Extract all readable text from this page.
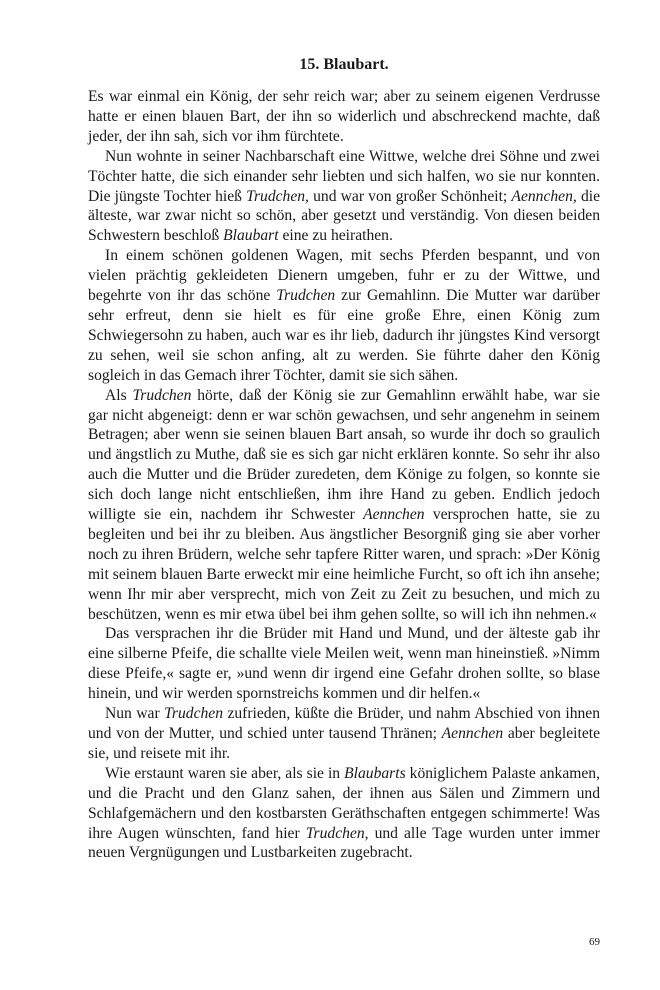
15. Blaubart.

Es war einmal ein König, der sehr reich war; aber zu seinem eigenen Verdrusse hatte er einen blauen Bart, der ihn so widerlich und abschreckend machte, daß jeder, der ihn sah, sich vor ihm fürchtete.

Nun wohnte in seiner Nachbarschaft eine Wittwe, welche drei Söhne und zwei Töchter hatte, die sich einander sehr liebten und sich halfen, wo sie nur konnten. Die jüngste Tochter hieß Trudchen, und war von großer Schönheit; Aennchen, die älteste, war zwar nicht so schön, aber gesetzt und verständig. Von diesen beiden Schwestern beschloß Blaubart eine zu heirathen.

In einem schönen goldenen Wagen, mit sechs Pferden bespannt, und von vielen prächtig gekleideten Dienern umgeben, fuhr er zu der Wittwe, und begehrte von ihr das schöne Trudchen zur Gemahlinn. Die Mutter war darüber sehr erfreut, denn sie hielt es für eine große Ehre, einen König zum Schwiegersohn zu haben, auch war es ihr lieb, dadurch ihr jüngstes Kind versorgt zu sehen, weil sie schon anfing, alt zu werden. Sie führte daher den König sogleich in das Gemach ihrer Töchter, damit sie sich sähen.

Als Trudchen hörte, daß der König sie zur Gemahlinn erwählt habe, war sie gar nicht abgeneigt: denn er war schön gewachsen, und sehr angenehm in seinem Betragen; aber wenn sie seinen blauen Bart ansah, so wurde ihr doch so graulich und ängstlich zu Muthe, daß sie es sich gar nicht erklären konnte. So sehr ihr also auch die Mutter und die Brüder zuredeten, dem Könige zu folgen, so konnte sie sich doch lange nicht entschließen, ihm ihre Hand zu geben. Endlich jedoch willigte sie ein, nachdem ihr Schwester Aennchen versprochen hatte, sie zu begleiten und bei ihr zu bleiben. Aus ängstlicher Besorgniß ging sie aber vorher noch zu ihren Brüdern, welche sehr tapfere Ritter waren, und sprach: »Der König mit seinem blauen Barte erweckt mir eine heimliche Furcht, so oft ich ihn ansehe; wenn Ihr mir aber versprecht, mich von Zeit zu Zeit zu besuchen, und mich zu beschützen, wenn es mir etwa übel bei ihm gehen sollte, so will ich ihn nehmen.«

Das versprachen ihr die Brüder mit Hand und Mund, und der älteste gab ihr eine silberne Pfeife, die schallte viele Meilen weit, wenn man hineinstieß. »Nimm diese Pfeife,« sagte er, »und wenn dir irgend eine Gefahr drohen sollte, so blase hinein, und wir werden spornstreichs kommen und dir helfen.«

Nun war Trudchen zufrieden, küßte die Brüder, und nahm Abschied von ihnen und von der Mutter, und schied unter tausend Thränen; Aennchen aber begleitete sie, und reisete mit ihr.

Wie erstaunt waren sie aber, als sie in Blaubarts königlichem Palaste ankamen, und die Pracht und den Glanz sahen, der ihnen aus Sälen und Zimmern und Schlafgemächern und den kostbarsten Geräthschaften entgegen schimmerte! Was ihre Augen wünschten, fand hier Trudchen, und alle Tage wurden unter immer neuen Vergnügungen und Lustbarkeiten zugebracht.

69
